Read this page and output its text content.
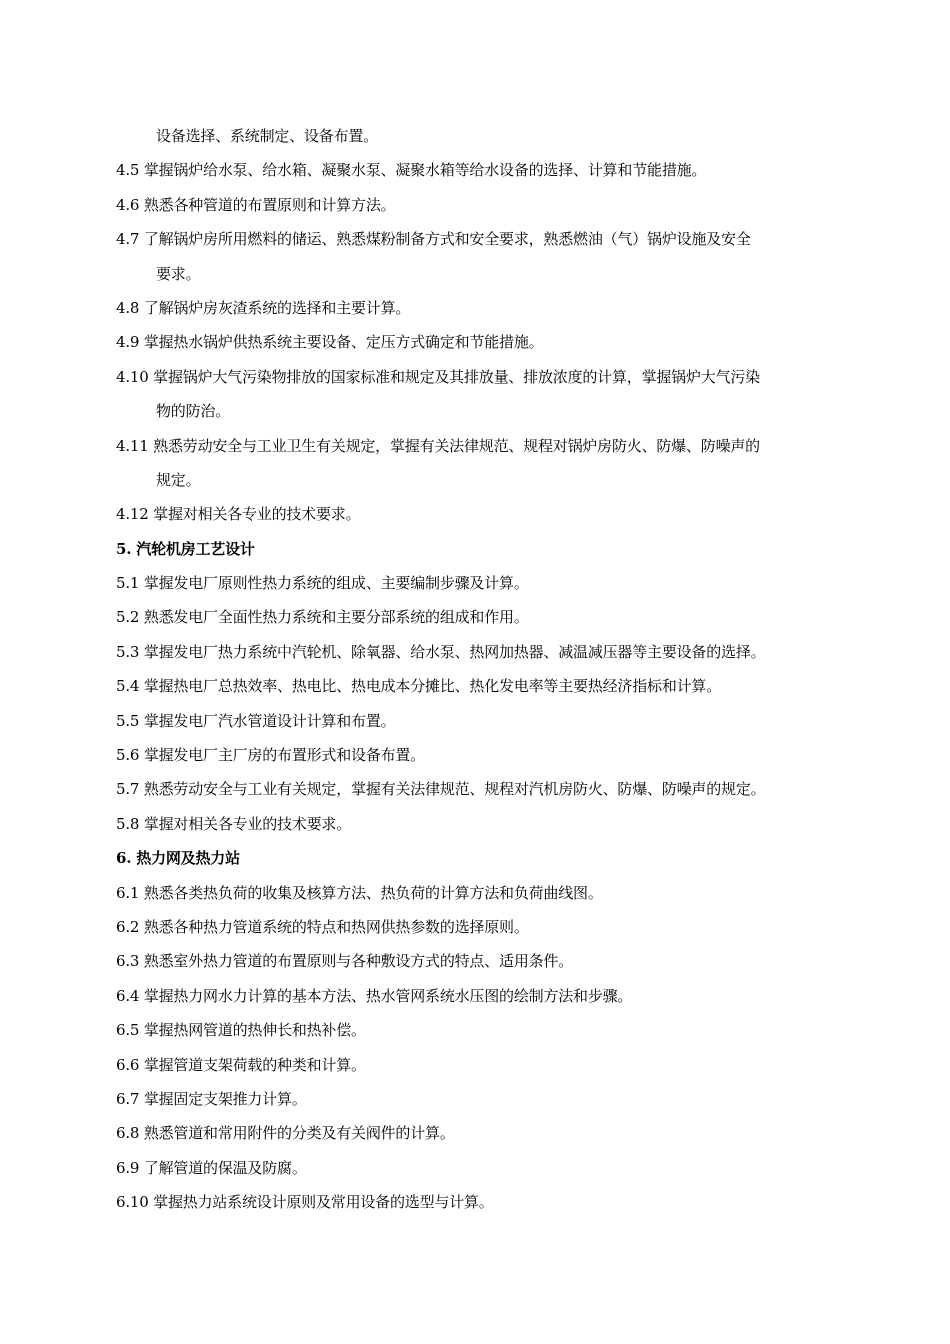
设备选择、系统制定、设备布置。
4.5 掌握锅炉给水泵、给水箱、凝聚水泵、凝聚水箱等给水设备的选择、计算和节能措施。
4.6 熟悉各种管道的布置原则和计算方法。
4.7 了解锅炉房所用燃料的储运、熟悉煤粉制备方式和安全要求，熟悉燃油（气）锅炉设施及安全
要求。
4.8 了解锅炉房灰渣系统的选择和主要计算。
4.9 掌握热水锅炉供热系统主要设备、定压方式确定和节能措施。
4.10 掌握锅炉大气污染物排放的国家标准和规定及其排放量、排放浓度的计算，掌握锅炉大气污染
物的防治。
4.11 熟悉劳动安全与工业卫生有关规定，掌握有关法律规范、规程对锅炉房防火、防爆、防噪声的
规定。
4.12 掌握对相关各专业的技术要求。
5. 汽轮机房工艺设计
5.1 掌握发电厂原则性热力系统的组成、主要编制步骤及计算。
5.2 熟悉发电厂全面性热力系统和主要分部系统的组成和作用。
5.3 掌握发电厂热力系统中汽轮机、除氧器、给水泵、热网加热器、减温减压器等主要设备的选择。
5.4 掌握热电厂总热效率、热电比、热电成本分摊比、热化发电率等主要热经济指标和计算。
5.5 掌握发电厂汽水管道设计计算和布置。
5.6 掌握发电厂主厂房的布置形式和设备布置。
5.7 熟悉劳动安全与工业有关规定，掌握有关法律规范、规程对汽机房防火、防爆、防噪声的规定。
5.8 掌握对相关各专业的技术要求。
6. 热力网及热力站
6.1 熟悉各类热负荷的收集及核算方法、热负荷的计算方法和负荷曲线图。
6.2 熟悉各种热力管道系统的特点和热网供热参数的选择原则。
6.3 熟悉室外热力管道的布置原则与各种敷设方式的特点、适用条件。
6.4 掌握热力网水力计算的基本方法、热水管网系统水压图的绘制方法和步骤。
6.5 掌握热网管道的热伸长和热补偿。
6.6 掌握管道支架荷载的种类和计算。
6.7 掌握固定支架推力计算。
6.8 熟悉管道和常用附件的分类及有关阀件的计算。
6.9 了解管道的保温及防腐。
6.10 掌握热力站系统设计原则及常用设备的选型与计算。
